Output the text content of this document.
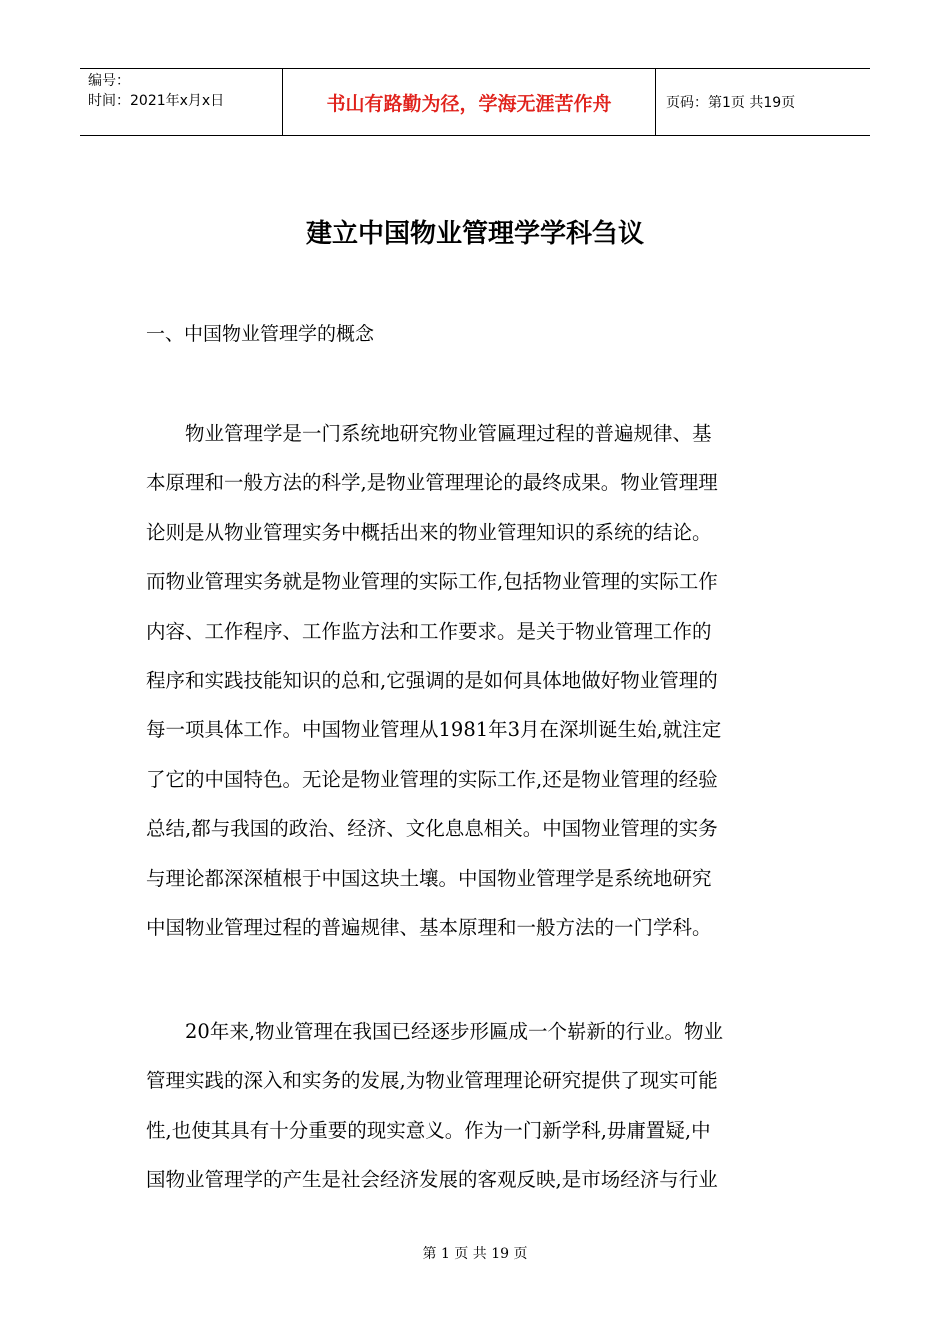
编号：
时间：2021年x月x日	书山有路勤为径，学海无涯苦作舟	页码：第1页 共19页
建立中国物业管理学学科刍议

一、中国物业管理学的概念

物业管理学是一门系统地研究物业管匾理过程的普遍规律、基
本原理和一般方法的科学,是物业管理理论的最终成果。物业管理理
论则是从物业管理实务中概括出来的物业管理知识的系统的结论。
而物业管理实务就是物业管理的实际工作,包括物业管理的实际工作
内容、工作程序、工作监方法和工作要求。是关于物业管理工作的
程序和实践技能知识的总和,它强调的是如何具体地做好物业管理的
每一项具体工作。中国物业管理从1981年3月在深圳诞生始,就注定
了它的中国特色。无论是物业管理的实际工作,还是物业管理的经验
总结,都与我国的政治、经济、文化息息相关。中国物业管理的实务
与理论都深深植根于中国这块土壤。中国物业管理学是系统地研究
中国物业管理过程的普遍规律、基本原理和一般方法的一门学科。

20年来,物业管理在我国已经逐步形匾成一个崭新的行业。物业
管理实践的深入和实务的发展,为物业管理理论研究提供了现实可能
性,也使其具有十分重要的现实意义。作为一门新学科,毋庸置疑,中
国物业管理学的产生是社会经济发展的客观反映,是市场经济与行业

第 1 页 共 19 页
